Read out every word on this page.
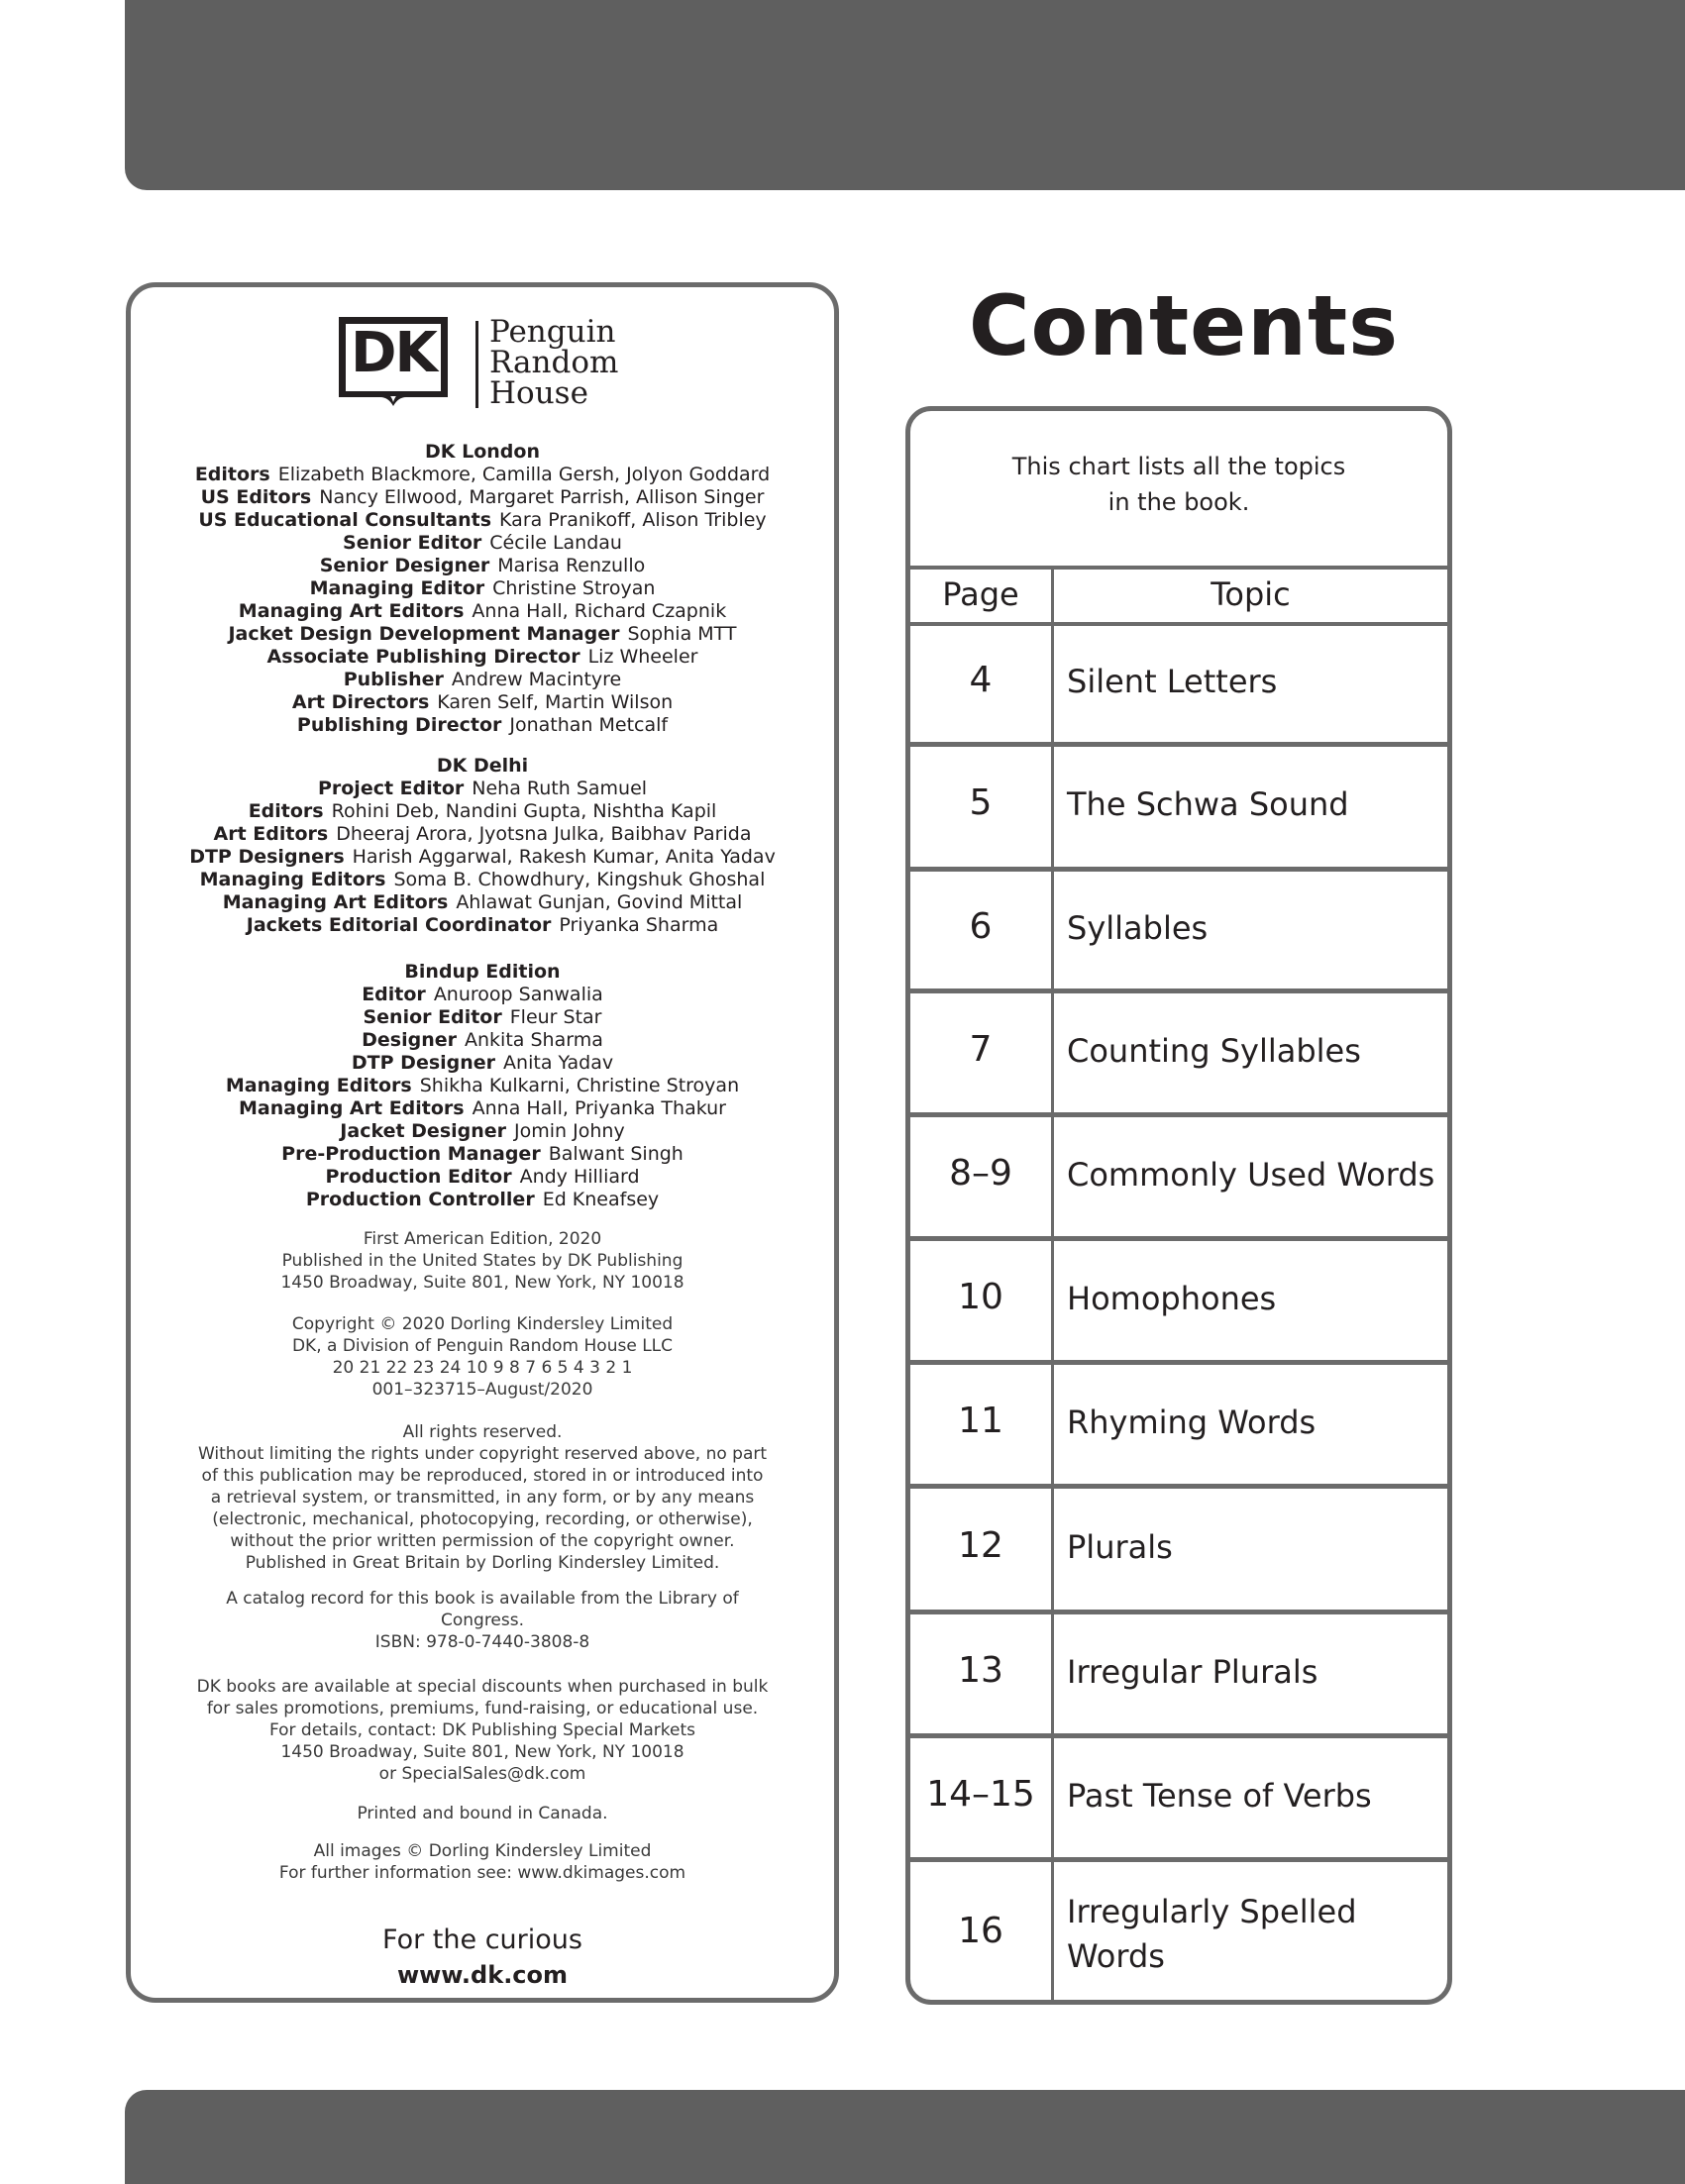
DK	Penguin
Random
House
DK London
Editors Elizabeth Blackmore, Camilla Gersh, Jolyon Goddard
US Editors Nancy Ellwood, Margaret Parrish, Allison Singer
US Educational Consultants Kara Pranikoff, Alison Tribley
Senior Editor Cécile Landau
Senior Designer Marisa Renzullo
Managing Editor Christine Stroyan
Managing Art Editors Anna Hall, Richard Czapnik
Jacket Design Development Manager Sophia MTT
Associate Publishing Director Liz Wheeler
Publisher Andrew Macintyre
Art Directors Karen Self, Martin Wilson
Publishing Director Jonathan Metcalf
DK Delhi
Project Editor Neha Ruth Samuel
Editors Rohini Deb, Nandini Gupta, Nishtha Kapil
Art Editors Dheeraj Arora, Jyotsna Julka, Baibhav Parida
DTP Designers Harish Aggarwal, Rakesh Kumar, Anita Yadav
Managing Editors Soma B. Chowdhury, Kingshuk Ghoshal
Managing Art Editors Ahlawat Gunjan, Govind Mittal
Jackets Editorial Coordinator Priyanka Sharma
Bindup Edition
Editor Anuroop Sanwalia
Senior Editor Fleur Star
Designer Ankita Sharma
DTP Designer Anita Yadav
Managing Editors Shikha Kulkarni, Christine Stroyan
Managing Art Editors Anna Hall, Priyanka Thakur
Jacket Designer Jomin Johny
Pre-Production Manager Balwant Singh
Production Editor Andy Hilliard
Production Controller Ed Kneafsey
First American Edition, 2020
Published in the United States by DK Publishing
1450 Broadway, Suite 801, New York, NY 10018
Copyright © 2020 Dorling Kindersley Limited
DK, a Division of Penguin Random House LLC
20 21 22 23 24 10 9 8 7 6 5 4 3 2 1
001–323715–August/2020
All rights reserved.
Without limiting the rights under copyright reserved above, no part
of this publication may be reproduced, stored in or introduced into
a retrieval system, or transmitted, in any form, or by any means
(electronic, mechanical, photocopying, recording, or otherwise),
without the prior written permission of the copyright owner.
Published in Great Britain by Dorling Kindersley Limited.
A catalog record for this book is available from the Library of
Congress.
ISBN: 978-0-7440-3808-8
DK books are available at special discounts when purchased in bulk
for sales promotions, premiums, fund-raising, or educational use.
For details, contact: DK Publishing Special Markets
1450 Broadway, Suite 801, New York, NY 10018
or SpecialSales@dk.com
Printed and bound in Canada.
All images © Dorling Kindersley Limited
For further information see: www.dkimages.com
For the curious
www.dk.com
Contents
This chart lists all the topics
in the book.
Page	Topic
4	Silent Letters
5	The Schwa Sound
6	Syllables
7	Counting Syllables
8–9	Commonly Used Words
10	Homophones
11	Rhyming Words
12	Plurals
13	Irregular Plurals
14–15	Past Tense of Verbs
16	Irregularly Spelled Words
